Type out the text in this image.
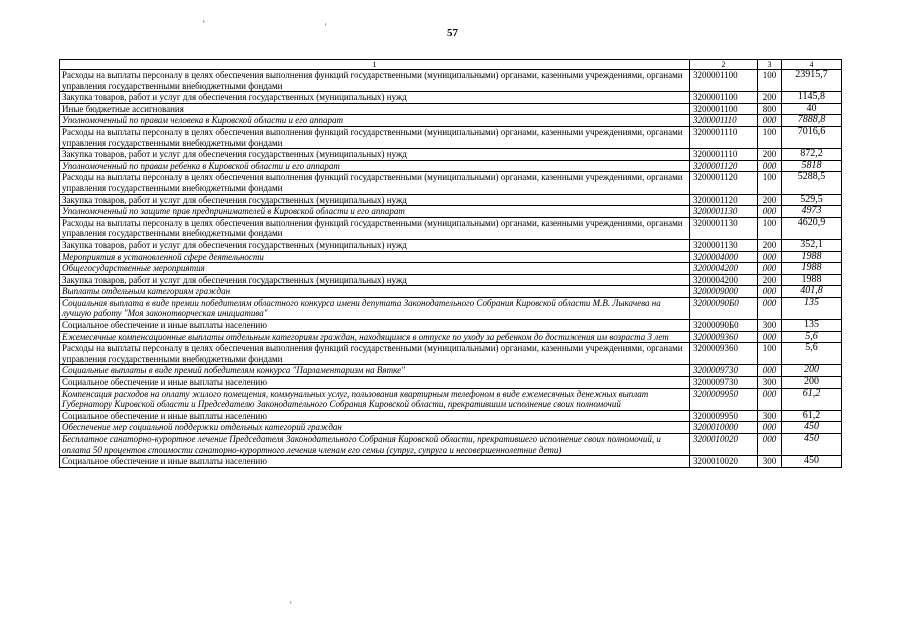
57
'	'
'
1	2	3	4
Расходы на выплаты персоналу в целях обеспечения выполнения функций государственными (муниципальными) органами, казенными учреждениями, органами управления государственными внебюджетными фондами	3200001100	100	23915,7
Закупка товаров, работ и услуг для обеспечения государственных (муниципальных) нужд	3200001100	200	1145,8
Иные бюджетные ассигнования	3200001100	800	40
Уполномоченный по правам человека в Кировской области и его аппарат	3200001110	000	7888,8
Расходы на выплаты персоналу в целях обеспечения выполнения функций государственными (муниципальными) органами, казенными учреждениями, органами управления государственными внебюджетными фондами	3200001110	100	7016,6
Закупка товаров, работ и услуг для обеспечения государственных (муниципальных) нужд	3200001110	200	872,2
Уполномоченный по правам ребенка в Кировской области и его аппарат	3200001120	000	5818
Расходы на выплаты персоналу в целях обеспечения выполнения функций государственными (муниципальными) органами, казенными учреждениями, органами управления государственными внебюджетными фондами	3200001120	100	5288,5
Закупка товаров, работ и услуг для обеспечения государственных (муниципальных) нужд	3200001120	200	529,5
Уполномоченный по защите прав предпринимателей в Кировской области и его аппарат	3200001130	000	4973
Расходы на выплаты персоналу в целях обеспечения выполнения функций государственными (муниципальными) органами, казенными учреждениями, органами управления государственными внебюджетными фондами	3200001130	100	4620,9
Закупка товаров, работ и услуг для обеспечения государственных (муниципальных) нужд	3200001130	200	352,1
Мероприятия в установленной сфере деятельности	3200004000	000	1988
Общегосударственные мероприятия	3200004200	000	1988
Закупка товаров, работ и услуг для обеспечения государственных (муниципальных) нужд	3200004200	200	1988
Выплаты отдельным категориям граждан	3200009000	000	401,8
Социальная выплата в виде премии победителям областного конкурса имени депутата Законодательного Собрания Кировской области М.В. Лыкачева на лучшую работу "Моя законотворческая инициатива"	32000090Б0	000	135
Социальное обеспечение и иные выплаты населению	32000090Б0	300	135
Ежемесячные компенсационные выплаты отдельным категориям граждан, находящимся в отпуске по уходу за ребенком до достижения им возраста 3 лет	3200009360	000	5,6
Расходы на выплаты персоналу в целях обеспечения выполнения функций государственными (муниципальными) органами, казенными учреждениями, органами управления государственными внебюджетными фондами	3200009360	100	5,6
Социальные выплаты в виде премий победителям конкурса "Парламентаризм на Вятке"	3200009730	000	200
Социальное обеспечение и иные выплаты населению	3200009730	300	200
Компенсация расходов на оплату жилого помещения, коммунальных услуг, пользования квартирным телефоном в виде ежемесячных денежных выплат Губернатору Кировской области и Председателю Законодательного Собрания Кировской области, прекратившим исполнение своих полномочий	3200009950	000	61,2
Социальное обеспечение и иные выплаты населению	3200009950	300	61,2
Обеспечение мер социальной поддержки отдельных категорий граждан	3200010000	000	450
Бесплатное санаторно-курортное лечение Председателя Законодательного Собрания Кировской области, прекратившего исполнение своих полномочий, и оплата 50 процентов стоимости санаторно-курортного лечения членам его семьи (супруг, супруга и несовершеннолетние дети)	3200010020	000	450
Социальное обеспечение и иные выплаты населению	3200010020	300	450
